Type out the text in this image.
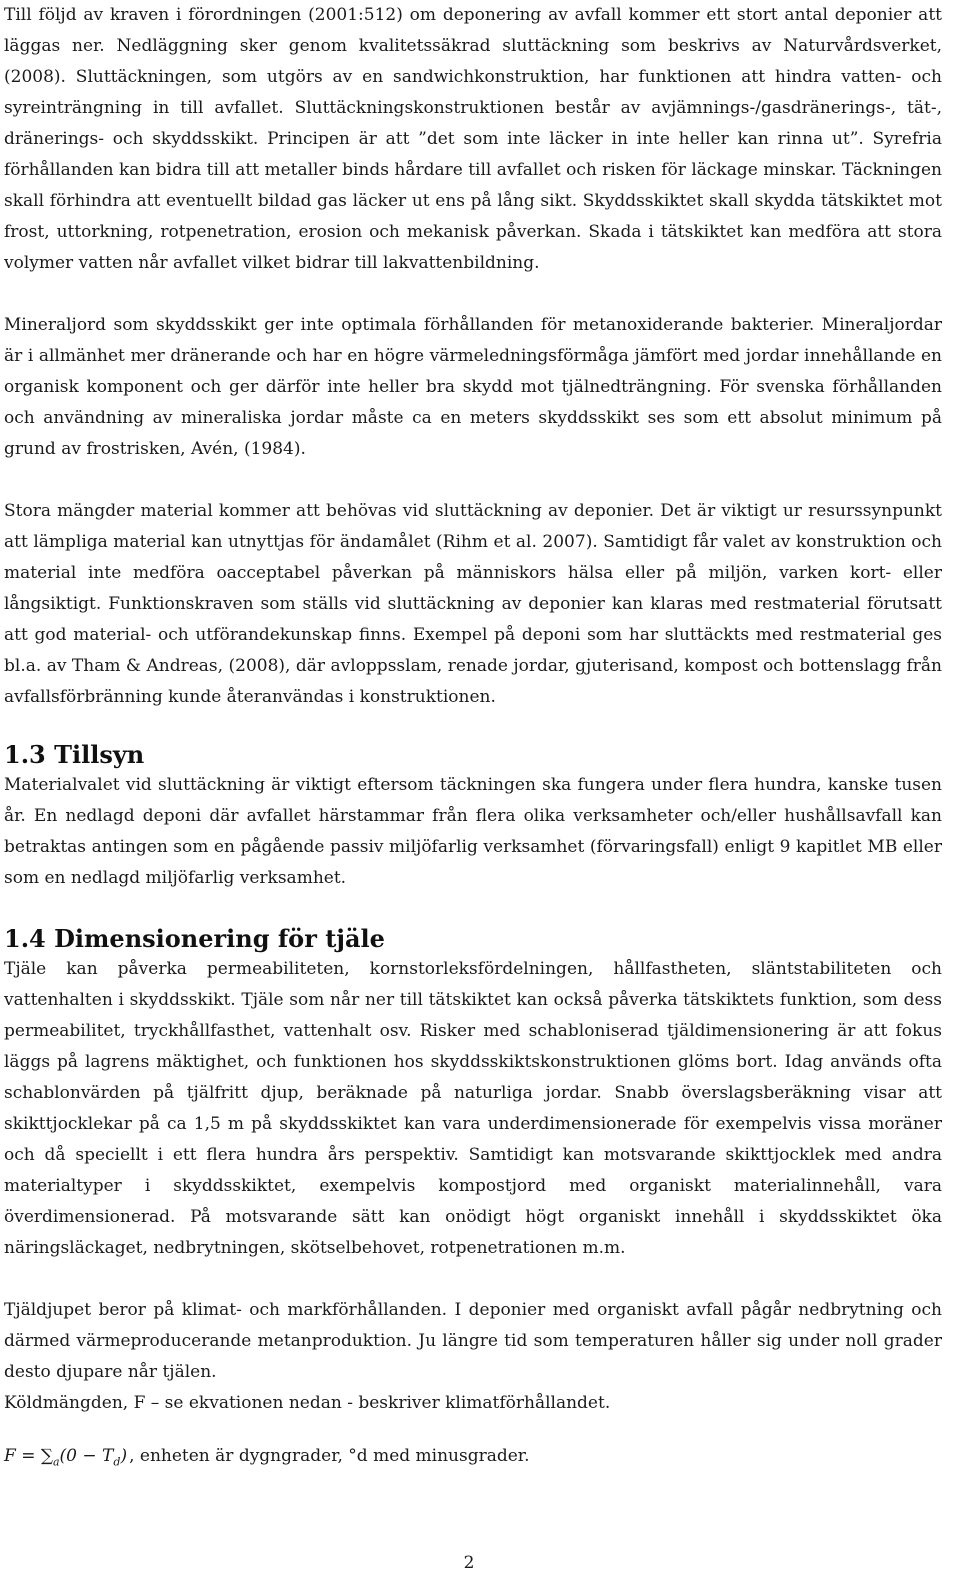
Till följd av kraven i förordningen (2001:512) om deponering av avfall kommer ett stort antal deponier att läggas ner. Nedläggning sker genom kvalitetssäkrad sluttäckning som beskrivs av Naturvårdsverket, (2008). Sluttäckningen, som utgörs av en sandwichkonstruktion, har funktionen att hindra vatten- och syreinträngning in till avfallet. Sluttäckningskonstruktionen består av avjämnings-/gasdränerings-, tät-, dränerings- och skyddsskikt. Principen är att ”det som inte läcker in inte heller kan rinna ut”. Syrefria förhållanden kan bidra till att metaller binds hårdare till avfallet och risken för läckage minskar. Täckningen skall förhindra att eventuellt bildad gas läcker ut ens på lång sikt. Skyddsskiktet skall skydda tätskiktet mot frost, uttorkning, rotpenetration, erosion och mekanisk påverkan. Skada i tätskiktet kan medföra att stora volymer vatten når avfallet vilket bidrar till lakvattenbildning.

Mineraljord som skyddsskikt ger inte optimala förhållanden för metanoxiderande bakterier. Mineraljordar är i allmänhet mer dränerande och har en högre värmeledningsförmåga jämfört med jordar innehållande en organisk komponent och ger därför inte heller bra skydd mot tjälnedträngning. För svenska förhållanden och användning av mineraliska jordar måste ca en meters skyddsskikt ses som ett absolut minimum på grund av frostrisken, Avén, (1984).

Stora mängder material kommer att behövas vid sluttäckning av deponier. Det är viktigt ur resurssynpunkt att lämpliga material kan utnyttjas för ändamålet (Rihm et al. 2007). Samtidigt får valet av konstruktion och material inte medföra oacceptabel påverkan på människors hälsa eller på miljön, varken kort- eller långsiktigt. Funktionskraven som ställs vid sluttäckning av deponier kan klaras med restmaterial förutsatt att god material- och utförandekunskap finns. Exempel på deponi som har sluttäckts med restmaterial ges bl.a. av Tham & Andreas, (2008), där avloppsslam, renade jordar, gjuterisand, kompost och bottenslagg från avfallsförbränning kunde återanvändas i konstruktionen.

1.3 Tillsyn

Materialvalet vid sluttäckning är viktigt eftersom täckningen ska fungera under flera hundra, kanske tusen år. En nedlagd deponi där avfallet härstammar från flera olika verksamheter och/eller hushållsavfall kan betraktas antingen som en pågående passiv miljöfarlig verksamhet (förvaringsfall) enligt 9 kapitlet MB eller som en nedlagd miljöfarlig verksamhet.

1.4 Dimensionering för tjäle

Tjäle kan påverka permeabiliteten, kornstorleksfördelningen, hållfastheten, släntstabiliteten och vattenhalten i skyddsskikt. Tjäle som når ner till tätskiktet kan också påverka tätskiktets funktion, som dess permeabilitet, tryckhållfasthet, vattenhalt osv. Risker med schabloniserad tjäldimensionering är att fokus läggs på lagrens mäktighet, och funktionen hos skyddsskiktskonstruktionen glöms bort. Idag används ofta schablonvärden på tjälfritt djup, beräknade på naturliga jordar. Snabb överslagsberäkning visar att skikttjocklekar på ca 1,5 m på skyddsskiktet kan vara underdimensionerade för exempelvis vissa moräner och då speciellt i ett flera hundra års perspektiv. Samtidigt kan motsvarande skikttjocklek med andra materialtyper i skyddsskiktet, exempelvis kompostjord med organiskt materialinnehåll, vara överdimensionerad. På motsvarande sätt kan onödigt högt organiskt innehåll i skyddsskiktet öka näringsläckaget, nedbrytningen, skötselbehovet, rotpenetrationen m.m.

Tjäldjupet beror på klimat- och markförhållanden. I deponier med organiskt avfall pågår nedbrytning och därmed värmeproducerande metanproduktion. Ju längre tid som temperaturen håller sig under noll grader desto djupare når tjälen.

Köldmängden, F – se ekvationen nedan - beskriver klimatförhållandet.

$F = \sum_a(0 - T_d)$ , enheten är dygngrader, °d med minusgrader.
2
